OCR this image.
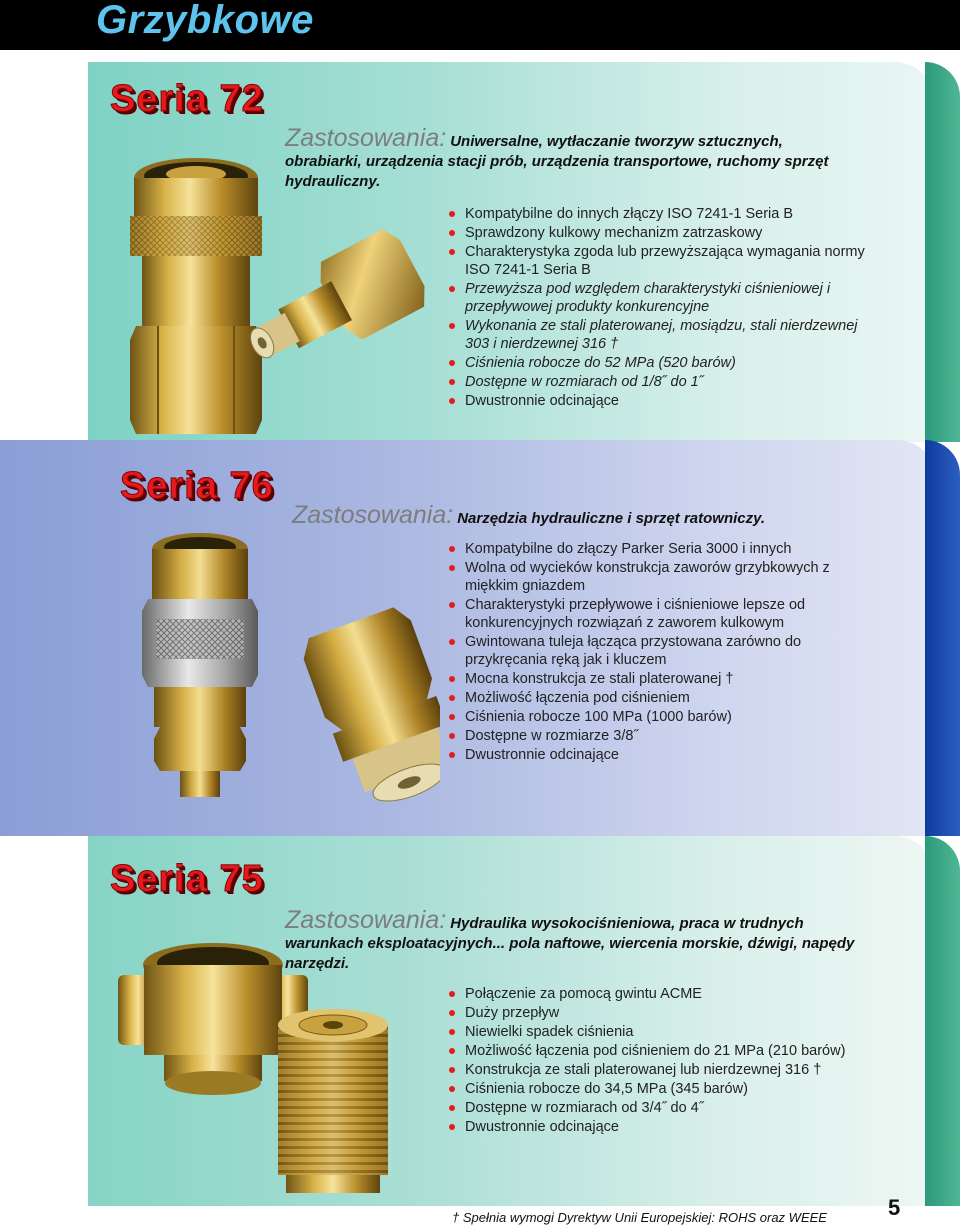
Grzybkowe
Seria 72
Zastosowania: Uniwersalne, wytłaczanie tworzyw sztucznych, obrabiarki, urządzenia stacji prób, urządzenia transportowe, ruchomy sprzęt hydrauliczny.
Kompatybilne do innych złączy ISO 7241-1 Seria B
Sprawdzony kulkowy mechanizm zatrzaskowy
Charakterystyka zgoda lub przewyższająca wymagania normy ISO 7241-1 Seria B
Przewyższa pod względem charakterystyki ciśnieniowej i przepływowej produkty konkurencyjne
Wykonania ze stali platerowanej, mosiądzu, stali nierdzewnej 303 i nierdzewnej 316 †
Ciśnienia robocze do 52 MPa (520 barów)
Dostępne w rozmiarach od 1/8˝ do 1˝
Dwustronnie odcinające
Seria 76
Zastosowania: Narzędzia hydrauliczne i sprzęt ratowniczy.
Kompatybilne do złączy Parker Seria 3000 i innych
Wolna od wycieków konstrukcja zaworów grzybkowych z miękkim gniazdem
Charakterystyki przepływowe i ciśnieniowe lepsze od konkurencyjnych rozwiązań z zaworem kulkowym
Gwintowana tuleja łącząca przystowana zarówno do przykręcania ręką jak i kluczem
Mocna konstrukcja ze stali platerowanej †
Możliwość łączenia pod ciśnieniem
Ciśnienia robocze 100 MPa (1000 barów)
Dostępne w rozmiarze 3/8˝
Dwustronnie odcinające
Seria 75
Zastosowania: Hydraulika wysokociśnieniowa, praca w trudnych warunkach eksploatacyjnych... pola naftowe, wiercenia morskie, dźwigi, napędy narzędzi.
Połączenie za pomocą gwintu ACME
Duży przepływ
Niewielki spadek ciśnienia
Możliwość łączenia pod ciśnieniem do 21 MPa (210 barów)
Konstrukcja ze stali platerowanej lub nierdzewnej 316 †
Ciśnienia robocze do 34,5 MPa (345 barów)
Dostępne w rozmiarach od 3/4˝ do 4˝
Dwustronnie odcinające
† Spełnia wymogi Dyrektyw Unii Europejskiej: ROHS oraz WEEE	5
